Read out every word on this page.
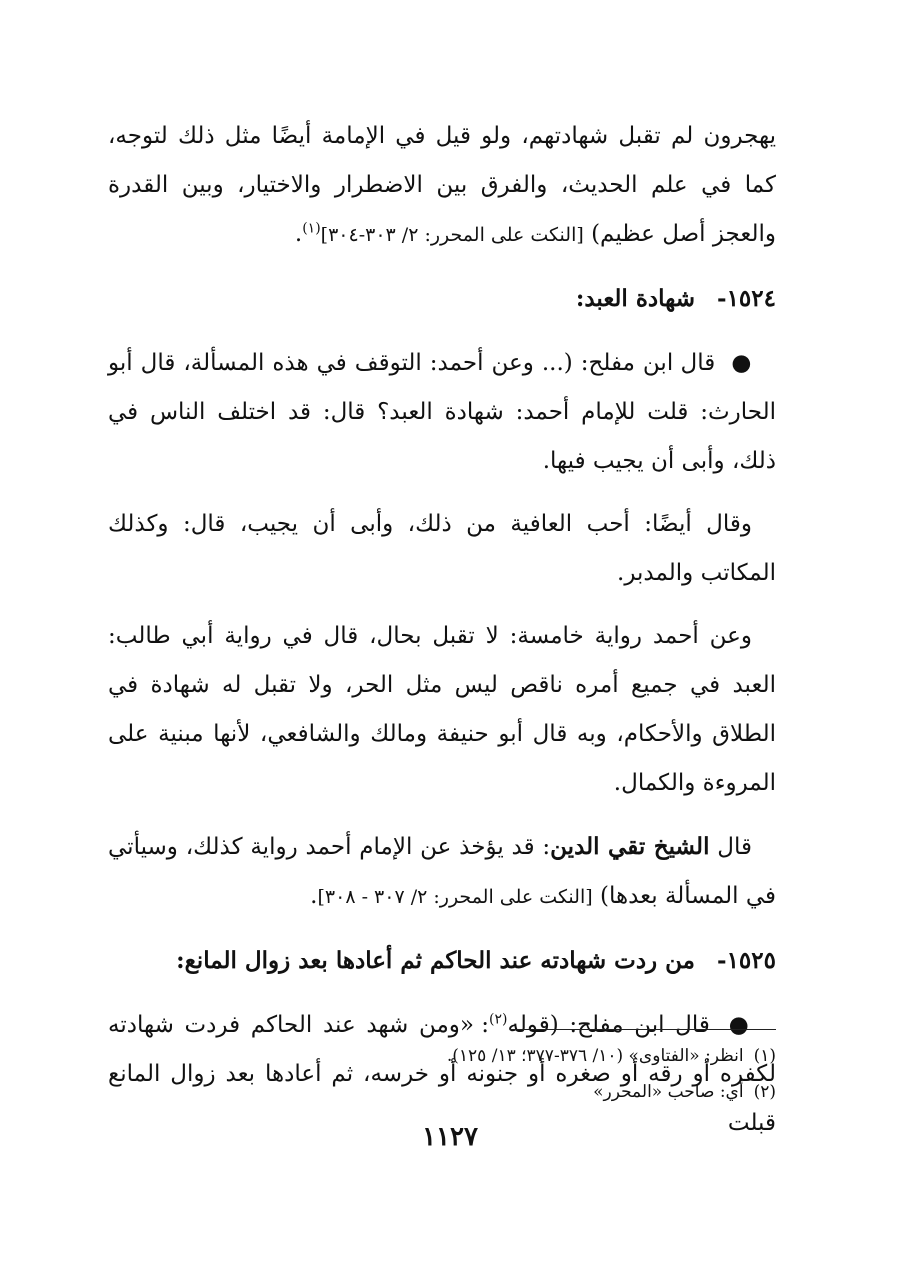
يهجرون لم تقبل شهادتهم، ولو قيل في الإمامة أيضًا مثل ذلك لتوجه، كما في علم الحديث، والفرق بين الاضطرار والاختيار، وبين القدرة والعجز أصل عظيم) [النكت على المحرر: ٢/ ٣٠٣-٣٠٤]$^{(١)}$.

١٥٢٤- شهادة العبد:

● قال ابن مفلح: (... وعن أحمد: التوقف في هذه المسألة، قال أبو الحارث: قلت للإمام أحمد: شهادة العبد؟ قال: قد اختلف الناس في ذلك، وأبى أن يجيب فيها.

وقال أيضًا: أحب العافية من ذلك، وأبى أن يجيب، قال: وكذلك المكاتب والمدبر.

وعن أحمد رواية خامسة: لا تقبل بحال، قال في رواية أبي طالب: العبد في جميع أمره ناقص ليس مثل الحر، ولا تقبل له شهادة في الطلاق والأحكام، وبه قال أبو حنيفة ومالك والشافعي، لأنها مبنية على المروءة والكمال.

قال الشيخ تقي الدين: قد يؤخذ عن الإمام أحمد رواية كذلك، وسيأتي في المسألة بعدها) [النكت على المحرر: ٢/ ٣٠٧ - ٣٠٨].

١٥٢٥- من ردت شهادته عند الحاكم ثم أعادها بعد زوال المانع:

● قال ابن مفلح: (قوله$^{(٢)}$: «ومن شهد عند الحاكم فردت شهادته لكفره أو رقه أو صغره أو جنونه أو خرسه، ثم أعادها بعد زوال المانع قبلت

(١)انظر: «الفتاوى» (١٠/ ٣٧٦-٣٧٧؛ ١٣/ ١٢٥).
(٢)أي: صاحب «المحرر»
١١٢٧
